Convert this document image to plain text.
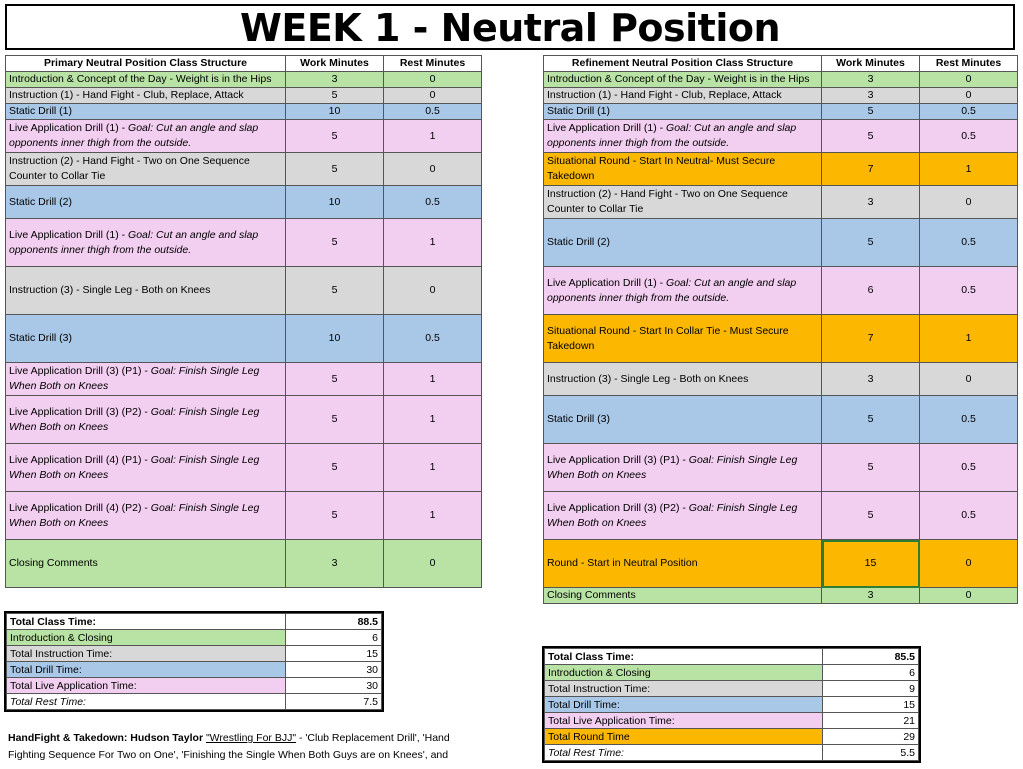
WEEK 1 - Neutral Position
Primary Neutral Position Class Structure	Work Minutes	Rest Minutes
Introduction & Concept of the Day - Weight is in the Hips	3	0
Instruction (1) - Hand Fight - Club, Replace, Attack	5	0
Static Drill (1)	10	0.5
Live Application Drill (1) - Goal: Cut an angle and slap opponents inner thigh from the outside.	5	1
Instruction (2) - Hand Fight - Two on One Sequence Counter to Collar Tie	5	0
Static Drill (2)	10	0.5
Live Application Drill (1) - Goal: Cut an angle and slap opponents inner thigh from the outside.	5	1
Instruction (3) - Single Leg - Both on Knees	5	0
Static Drill (3)	10	0.5
Live Application Drill (3) (P1) - Goal: Finish Single Leg When Both on Knees	5	1
Live Application Drill (3) (P2) - Goal: Finish Single Leg When Both on Knees	5	1
Live Application Drill (4) (P1) - Goal: Finish Single Leg When Both on Knees	5	1
Live Application Drill (4) (P2) - Goal: Finish Single Leg When Both on Knees	5	1
Closing Comments	3	0
Refinement Neutral Position Class Structure	Work Minutes	Rest Minutes
Introduction & Concept of the Day - Weight is in the Hips	3	0
Instruction (1) - Hand Fight - Club, Replace, Attack	3	0
Static Drill (1)	5	0.5
Live Application Drill (1) - Goal: Cut an angle and slap opponents inner thigh from the outside.	5	0.5
Situational Round - Start In Neutral- Must Secure Takedown	7	1
Instruction (2) - Hand Fight - Two on One Sequence Counter to Collar Tie	3	0
Static Drill (2)	5	0.5
Live Application Drill (1) - Goal: Cut an angle and slap opponents inner thigh from the outside.	6	0.5
Situational Round - Start In Collar Tie - Must Secure Takedown	7	1
Instruction (3) - Single Leg - Both on Knees	3	0
Static Drill (3)	5	0.5
Live Application Drill (3) (P1) - Goal: Finish Single Leg When Both on Knees	5	0.5
Live Application Drill (3) (P2) - Goal: Finish Single Leg When Both on Knees	5	0.5
Round - Start in Neutral Position	15	0
Closing Comments	3	0
Total Class Time:	88.5
Introduction & Closing	6
Total Instruction Time:	15
Total Drill Time:	30
Total Live Application Time:	30
Total Rest Time:	7.5
Total Class Time:	85.5
Introduction & Closing	6
Total Instruction Time:	9
Total Drill Time:	15
Total Live Application Time:	21
Total Round Time	29
Total Rest Time:	5.5
HandFight & Takedown: Hudson Taylor "Wrestling For BJJ" - 'Club Replacement Drill', 'Hand Fighting Sequence For Two on One', 'Finishing the Single When Both Guys are on Knees', and
